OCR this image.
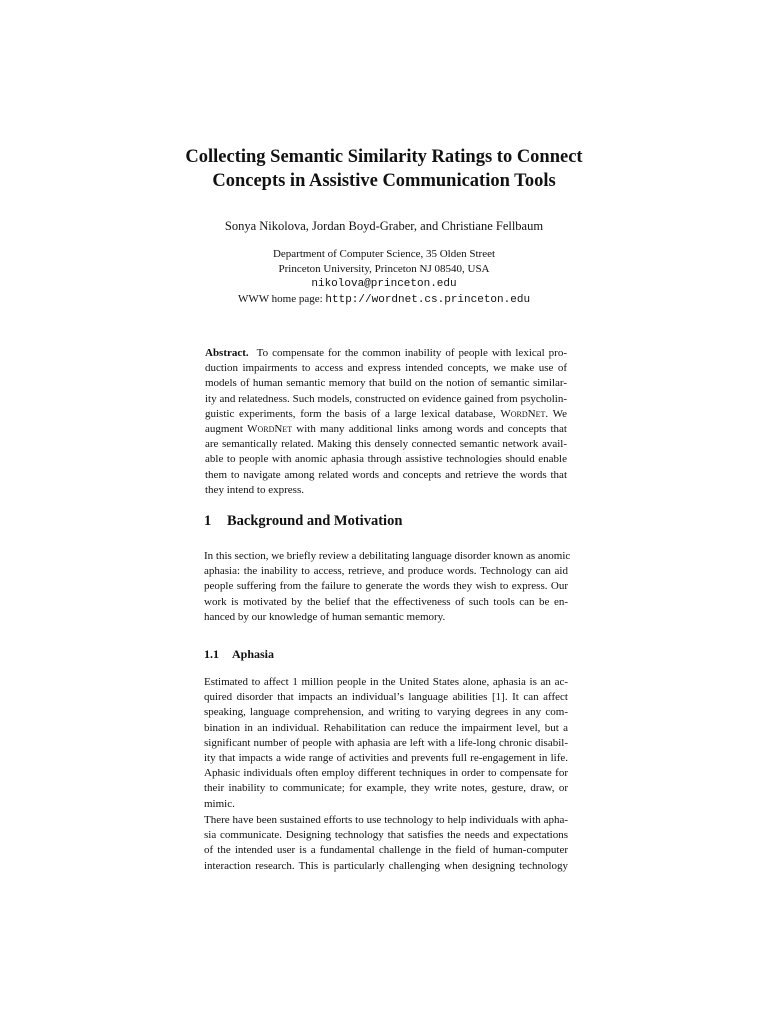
Collecting Semantic Similarity Ratings to Connect
Concepts in Assistive Communication Tools
Sonya Nikolova, Jordan Boyd-Graber, and Christiane Fellbaum
Department of Computer Science, 35 Olden Street
Princeton University, Princeton NJ 08540, USA
nikolova@princeton.edu
WWW home page: http://wordnet.cs.princeton.edu
Abstract. To compensate for the common inability of people with lexical pro-
duction impairments to access and express intended concepts, we make use of
models of human semantic memory that build on the notion of semantic similar-
ity and relatedness. Such models, constructed on evidence gained from psycholin-
guistic experiments, form the basis of a large lexical database, WordNet. We
augment WordNet with many additional links among words and concepts that
are semantically related. Making this densely connected semantic network avail-
able to people with anomic aphasia through assistive technologies should enable
them to navigate among related words and concepts and retrieve the words that
they intend to express.
1 Background and Motivation
In this section, we briefly review a debilitating language disorder known as anomic
aphasia: the inability to access, retrieve, and produce words. Technology can aid
people suffering from the failure to generate the words they wish to express. Our
work is motivated by the belief that the effectiveness of such tools can be en-
hanced by our knowledge of human semantic memory.
1.1 Aphasia
Estimated to affect 1 million people in the United States alone, aphasia is an ac-
quired disorder that impacts an individual’s language abilities [1]. It can affect
speaking, language comprehension, and writing to varying degrees in any com-
bination in an individual. Rehabilitation can reduce the impairment level, but a
significant number of people with aphasia are left with a life-long chronic disabil-
ity that impacts a wide range of activities and prevents full re-engagement in life.
Aphasic individuals often employ different techniques in order to compensate for
their inability to communicate; for example, they write notes, gesture, draw, or
mimic.
There have been sustained efforts to use technology to help individuals with apha-
sia communicate. Designing technology that satisfies the needs and expectations
of the intended user is a fundamental challenge in the field of human-computer
interaction research. This is particularly challenging when designing technology
